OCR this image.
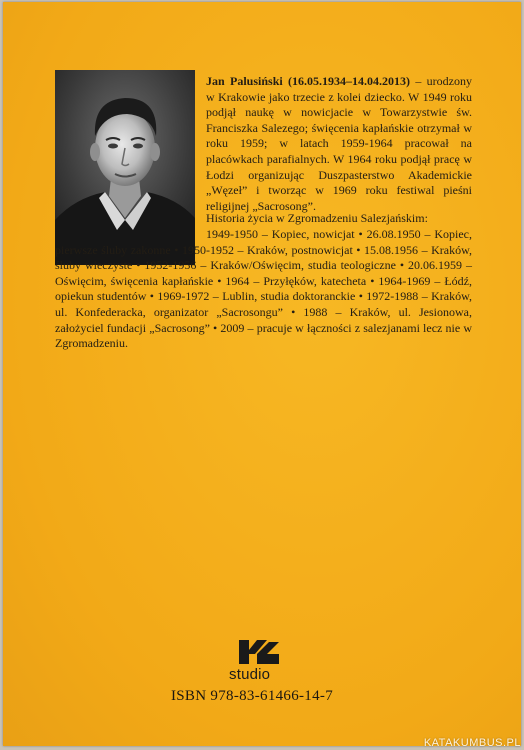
Jan Palusiński (16.05.1934–14.04.2013) – urodzony w Krakowie jako trzecie z kolei dziecko. W 1949 roku podjął naukę w nowicjacie w Towarzystwie św. Franciszka Salezego; święcenia kapłańskie otrzymał w roku 1959; w latach 1959-1964 pracował na placówkach parafialnych. W 1964 roku podjął pracę w Łodzi organizując Duszpasterstwo Akademickie „Węzeł” i tworząc w 1969 roku festiwal pieśni religijnej „Sacrosong”.

Historia życia w Zgromadzeniu Salezjańskim:

1949-1950 – Kopiec, nowicjat • 26.08.1950 – Kopiec, pierwsze śluby zakonne • 1950-1952 – Kraków, postnowicjat • 15.08.1956 – Kraków, śluby wieczyste • 1952-1956 – Kraków/Oświęcim, studia teologiczne • 20.06.1959 – Oświęcim, święcenia kapłańskie • 1964 – Przyłęków, katecheta • 1964-1969 – Łódź, opiekun studentów • 1969-1972 – Lublin, studia doktoranckie • 1972-1988 – Kraków, ul. Konfederacka, organizator „Sacrosongu” • 1988 – Kraków, ul. Jesionowa, założyciel fundacji „Sacrosong” • 2009 – pracuje w łączności z salezjanami lecz nie w Zgromadzeniu.

studio
ISBN 978-83-61466-14-7
KATAKUMBUS.PL
